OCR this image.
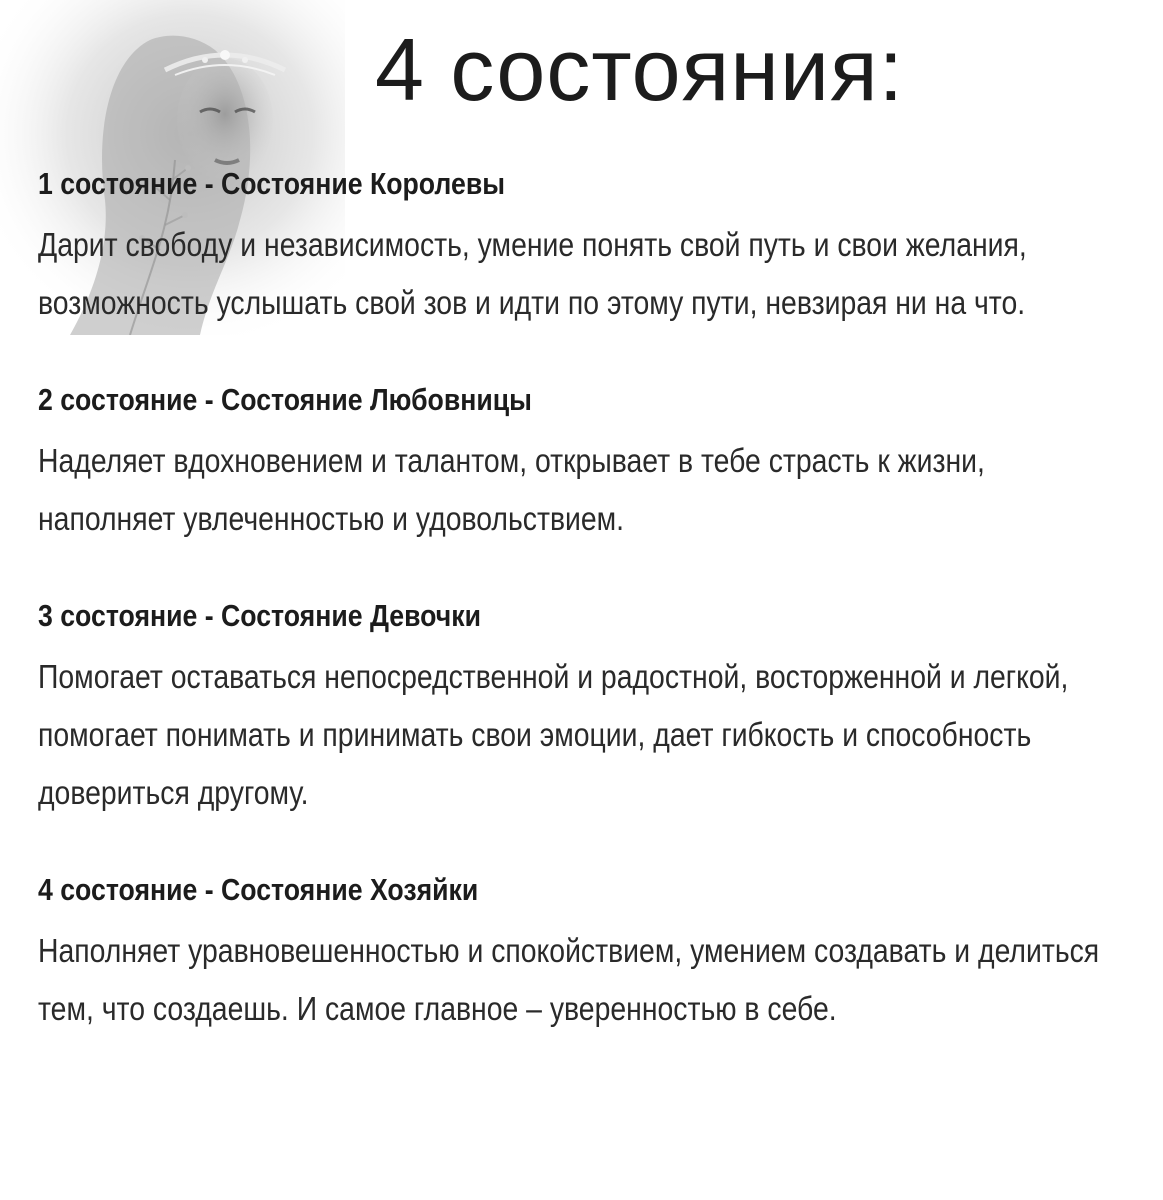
4 состояния:
1 состояние - Состояние Королевы
Дарит свободу и независимость, умение понять свой путь и свои желания, возможность услышать свой зов и идти по этому пути, невзирая ни на что.
2 состояние - Состояние Любовницы
Наделяет вдохновением и талантом, открывает в тебе страсть к жизни, наполняет увлеченностью и удовольствием.
3 состояние - Состояние Девочки
Помогает оставаться непосредственной и радостной, восторженной и легкой, помогает понимать и принимать свои эмоции, дает гибкость и способность довериться другому.
4 состояние - Состояние Хозяйки
Наполняет уравновешенностью и спокойствием, умением создавать и делиться тем, что создаешь. И самое главное – уверенностью в себе.
